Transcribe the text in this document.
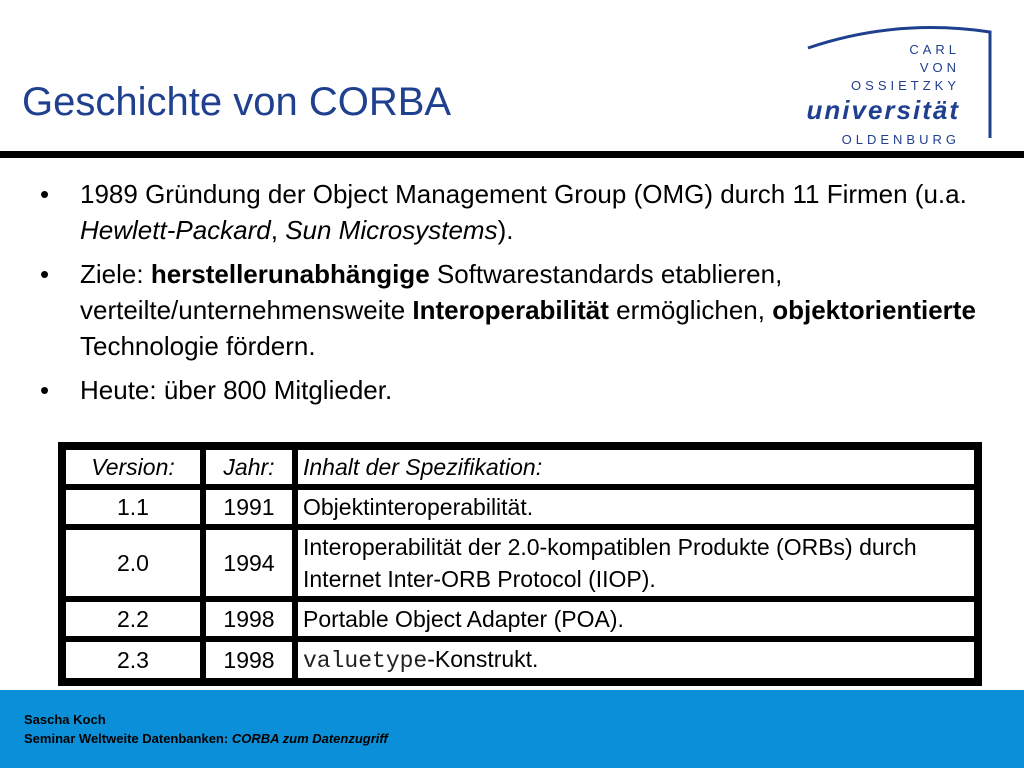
Geschichte von CORBA
CARL
VON
OSSIETZKY
universität
OLDENBURG
• 1989 Gründung der Object Management Group (OMG) durch 11 Firmen (u.a. Hewlett-Packard, Sun Microsystems).
• Ziele: herstellerunabhängige Softwarestandards etablieren, verteilte/unternehmensweite Interoperabilität ermöglichen, objektorientierte Technologie fördern.
• Heute: über 800 Mitglieder.
Version:	Jahr:	Inhalt der Spezifikation:
1.1	1991	Objektinteroperabilität.
2.0	1994	Interoperabilität der 2.0-kompatiblen Produkte (ORBs) durch Internet Inter-ORB Protocol (IIOP).
2.2	1998	Portable Object Adapter (POA).
2.3	1998	valuetype-Konstrukt.
Sascha Koch
Seminar Weltweite Datenbanken: CORBA zum Datenzugriff
